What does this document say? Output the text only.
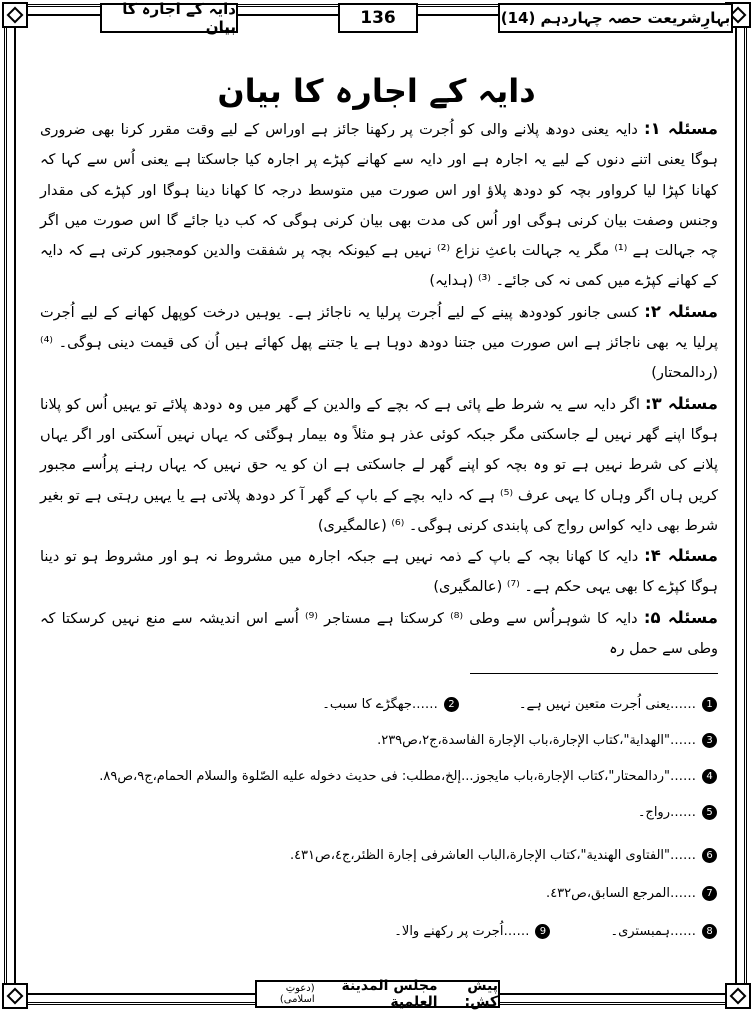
بہارِشریعت حصہ چہاردہم (14)
136
دایہ کے اجارہ کا بیان
دایہ کے اجارہ کا بیان

مسئلہ ۱: دایہ یعنی دودھ پلانے والی کو اُجرت پر رکھنا جائز ہے اوراس کے لیے وقت مقرر کرنا بھی ضروری ہوگا یعنی اتنے دنوں کے لیے یہ اجارہ ہے اور دایہ سے کھانے کپڑے پر اجارہ کیا جاسکتا ہے یعنی اُس سے کہا کہ کھانا کپڑا لیا کرواور بچہ کو دودھ پلاؤ اور اس صورت میں متوسط درجہ کا کھانا دینا ہوگا اور کپڑے کی مقدار وجنس وصفت بیان کرنی ہوگی اور اُس کی مدت بھی بیان کرنی ہوگی کہ کب دیا جائے گا اس صورت میں اگر چہ جہالت ہے ⁽¹⁾ مگر یہ جہالت باعثِ نزاع ⁽²⁾ نہیں ہے کیونکہ بچہ پر شفقت والدین کومجبور کرتی ہے کہ دایہ کے کھانے کپڑے میں کمی نہ کی جائے۔ ⁽³⁾ (ہدایہ)

مسئلہ ۲: کسی جانور کودودھ پینے کے لیے اُجرت پرلیا یہ ناجائز ہے۔ یوہیں درخت کوپھل کھانے کے لیے اُجرت پرلیا یہ بھی ناجائز ہے اس صورت میں جتنا دودھ دوہا ہے یا جتنے پھل کھائے ہیں اُن کی قیمت دینی ہوگی۔ ⁽⁴⁾ (ردالمحتار)

مسئلہ ۳: اگر دایہ سے یہ شرط طے پائی ہے کہ بچے کے والدین کے گھر میں وہ دودھ پلائے تو یہیں اُس کو پلانا ہوگا اپنے گھر نہیں لے جاسکتی مگر جبکہ کوئی عذر ہو مثلاً وہ بیمار ہوگئی کہ یہاں نہیں آسکتی اور اگر یہاں پلانے کی شرط نہیں ہے تو وہ بچہ کو اپنے گھر لے جاسکتی ہے ان کو یہ حق نہیں کہ یہاں رہنے پراُسے مجبور کریں ہاں اگر وہاں کا یہی عرف ⁽⁵⁾ ہے کہ دایہ بچے کے باپ کے گھر آ کر دودھ پلاتی ہے یا یہیں رہتی ہے تو بغیر شرط بھی دایہ کواس رواج کی پابندی کرنی ہوگی۔ ⁽⁶⁾ (عالمگیری)

مسئلہ ۴: دایہ کا کھانا بچہ کے باپ کے ذمہ نہیں ہے جبکہ اجارہ میں مشروط نہ ہو اور مشروط ہو تو دینا ہوگا کپڑے کا بھی یہی حکم ہے۔ ⁽⁷⁾ (عالمگیری)

مسئلہ ۵: دایہ کا شوہراُس سے وطی ⁽⁸⁾ کرسکتا ہے مستاجر ⁽⁹⁾ اُسے اس اندیشہ سے منع نہیں کرسکتا کہ وطی سے حمل رہ

1
……یعنی اُجرت متعین نہیں ہے۔
2
……جھگڑے کا سبب۔
3
……"الهداية"،كتاب الإجارة،باب الإجارة الفاسدة،ج٢،ص٢٣٩.
4
……"ردالمحتار"،كتاب الإجارة،باب مايجوز...إلخ،مطلب: فی حديث دخوله عليه الصّلوة والسلام الحمام،ج٩،ص٨٩.
5
……رواج۔
6
……"الفتاوى الهندية"،كتاب الإجارة،الباب العاشرفى إجارة الظئر،ج٤،ص٤٣١.
7
……المرجع السابق،ص٤٣٢.
8
……ہمبستری۔
9
……اُجرت پر رکھنے والا۔
پیش کش:

مجلس المدینة العلمیة
(دعوتِ اسلامی)
